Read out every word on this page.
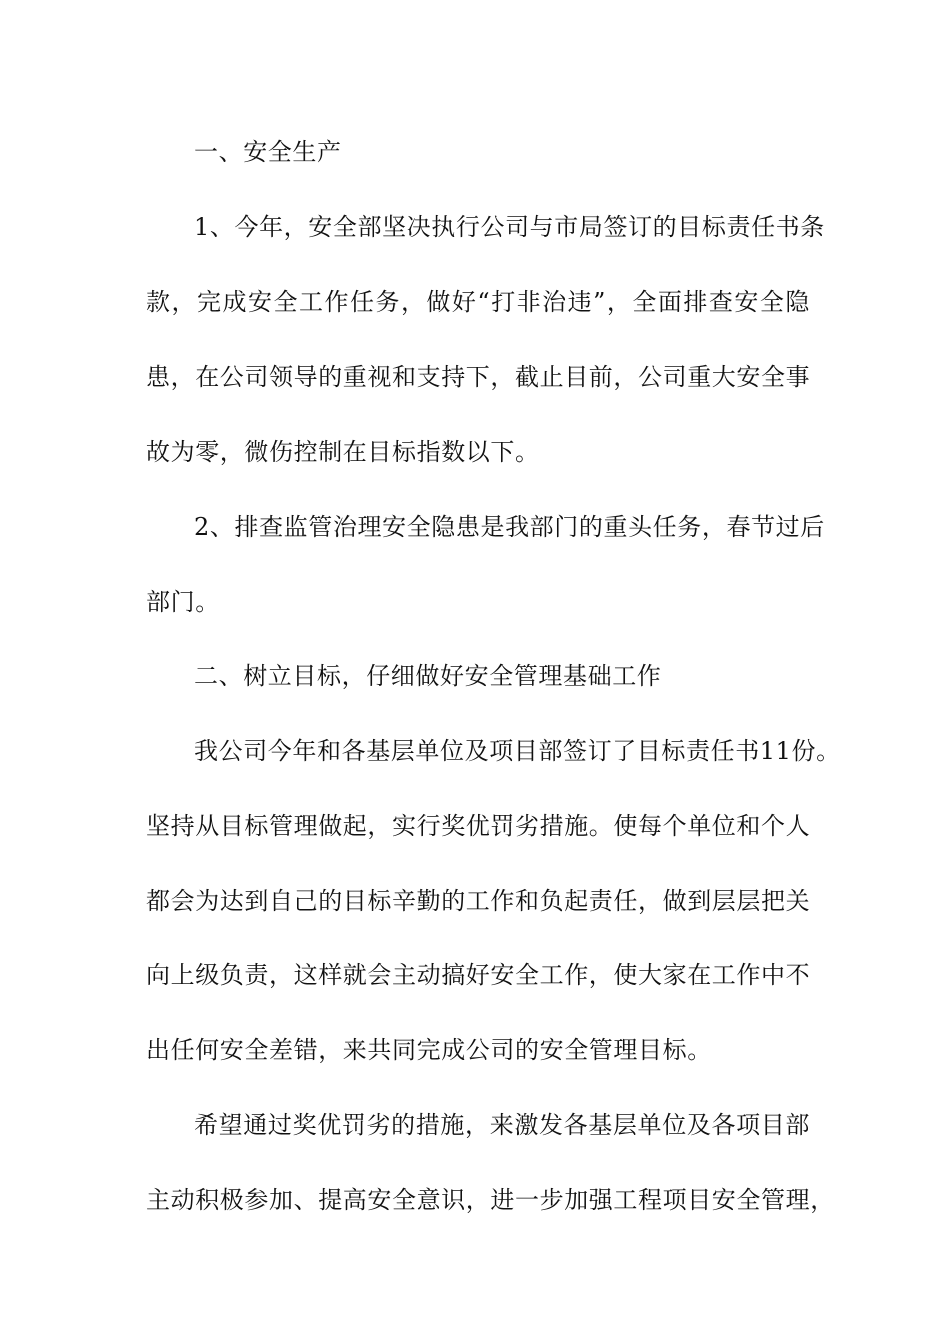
一、安全生产
1、今年，安全部坚决执行公司与市局签订的目标责任书条
款，完成安全工作任务，做好“打非治违”，全面排查安全隐
患，在公司领导的重视和支持下，截止目前，公司重大安全事
故为零，微伤控制在目标指数以下。
2、排查监管治理安全隐患是我部门的重头任务，春节过后
部门。
二、树立目标，仔细做好安全管理基础工作
我公司今年和各基层单位及项目部签订了目标责任书11份。
坚持从目标管理做起，实行奖优罚劣措施。使每个单位和个人
都会为达到自己的目标辛勤的工作和负起责任，做到层层把关
向上级负责，这样就会主动搞好安全工作，使大家在工作中不
出任何安全差错，来共同完成公司的安全管理目标。
希望通过奖优罚劣的措施，来激发各基层单位及各项目部
主动积极参加、提高安全意识，进一步加强工程项目安全管理，
